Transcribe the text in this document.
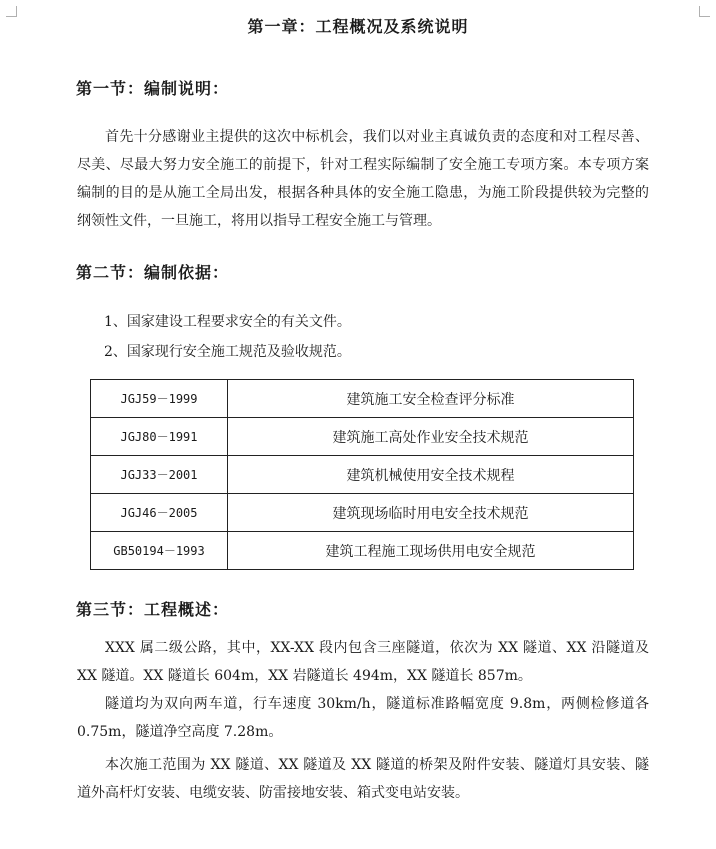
第一章：工程概况及系统说明
第一节：编制说明：
首先十分感谢业主提供的这次中标机会，我们以对业主真诚负责的态度和对工程尽善、尽美、尽最大努力安全施工的前提下，针对工程实际编制了安全施工专项方案。本专项方案编制的目的是从施工全局出发，根据各种具体的安全施工隐患，为施工阶段提供较为完整的纲领性文件，一旦施工，将用以指导工程安全施工与管理。
第二节：编制依据：
1、国家建设工程要求安全的有关文件。
2、国家现行安全施工规范及验收规范。
JGJ59－1999	建筑施工安全检查评分标准
JGJ80－1991	建筑施工高处作业安全技术规范
JGJ33－2001	建筑机械使用安全技术规程
JGJ46－2005	建筑现场临时用电安全技术规范
GB50194－1993	建筑工程施工现场供用电安全规范
第三节：工程概述：
XXX 属二级公路，其中，XX-XX 段内包含三座隧道，依次为 XX 隧道、XX 沿隧道及 XX 隧道。XX 隧道长 604m，XX 岩隧道长 494m，XX 隧道长 857m。
隧道均为双向两车道，行车速度 30km/h，隧道标准路幅宽度 9.8m，两侧检修道各 0.75m，隧道净空高度 7.28m。
本次施工范围为 XX 隧道、XX 隧道及 XX 隧道的桥架及附件安装、隧道灯具安装、隧道外高杆灯安装、电缆安装、防雷接地安装、箱式变电站安装。
